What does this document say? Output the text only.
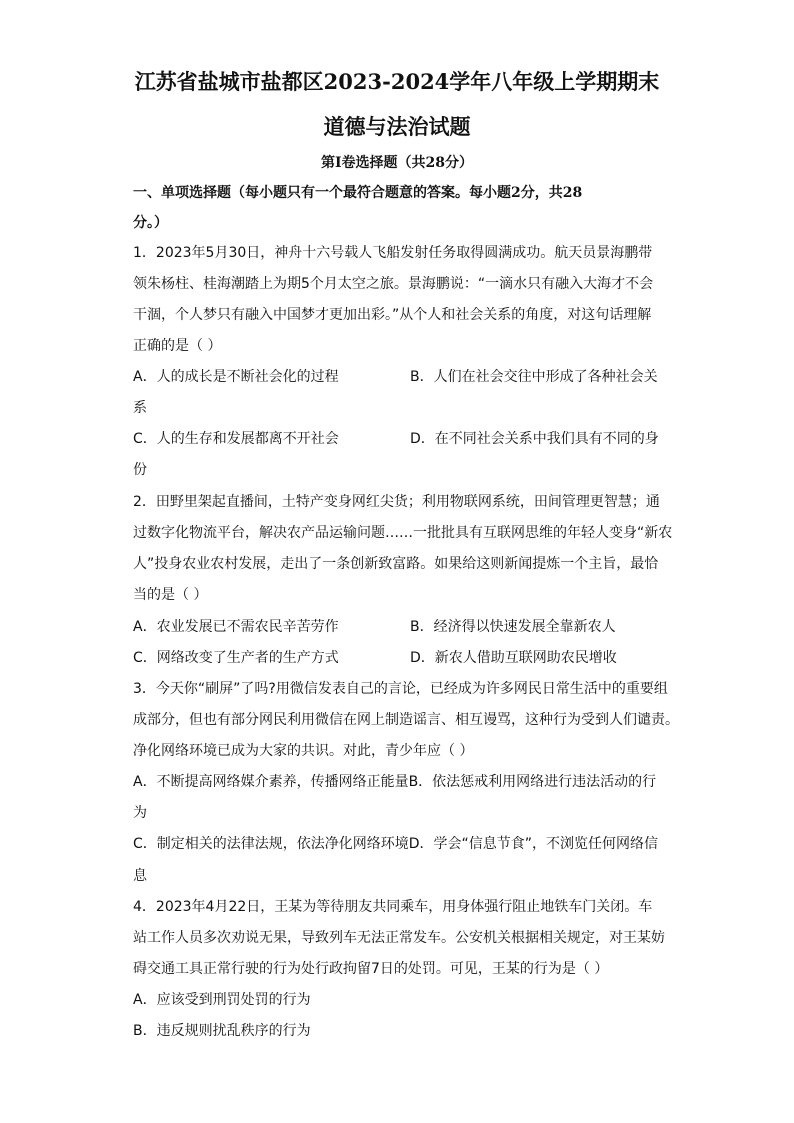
江苏省盐城市盐都区2023-2024学年八年级上学期期末
道德与法治试题
第Ⅰ卷选择题（共28分）
一、单项选择题（每小题只有一个最符合题意的答案。每小题2分，共28
分。）
1．2023年5月30日，神舟十六号载人飞船发射任务取得圆满成功。航天员景海鹏带
领朱杨柱、桂海潮踏上为期5个月太空之旅。景海鹏说：“一滴水只有融入大海才不会
干涸，个人梦只有融入中国梦才更加出彩。”从个人和社会关系的角度，对这句话理解
正确的是（ ）
A．人的成长是不断社会化的过程	B．人们在社会交往中形成了各种社会关
系
C．人的生存和发展都离不开社会	D．在不同社会关系中我们具有不同的身
份
2．田野里架起直播间，土特产变身网红尖货；利用物联网系统，田间管理更智慧；通
过数字化物流平台，解决农产品运输问题……一批批具有互联网思维的年轻人变身“新农
人”投身农业农村发展，走出了一条创新致富路。如果给这则新闻提炼一个主旨，最恰
当的是（ ）
A．农业发展已不需农民辛苦劳作	B．经济得以快速发展全靠新农人
C．网络改变了生产者的生产方式	D．新农人借助互联网助农民增收
3．今天你“刷屏”了吗?用微信发表自己的言论，已经成为许多网民日常生活中的重要组
成部分，但也有部分网民利用微信在网上制造谣言、相互谩骂，这种行为受到人们谴责。
净化网络环境已成为大家的共识。对此，青少年应（ ）
A．不断提高网络媒介素养，传播网络正能量B．依法惩戒利用网络进行违法活动的行
为
C．制定相关的法律法规，依法净化网络环境D．学会“信息节食”，不浏览任何网络信
息
4．2023年4月22日，王某为等待朋友共同乘车，用身体强行阻止地铁车门关闭。车
站工作人员多次劝说无果，导致列车无法正常发车。公安机关根据相关规定，对王某妨
碍交通工具正常行驶的行为处行政拘留7日的处罚。可见，王某的行为是（ ）
A．应该受到刑罚处罚的行为
B．违反规则扰乱秩序的行为
